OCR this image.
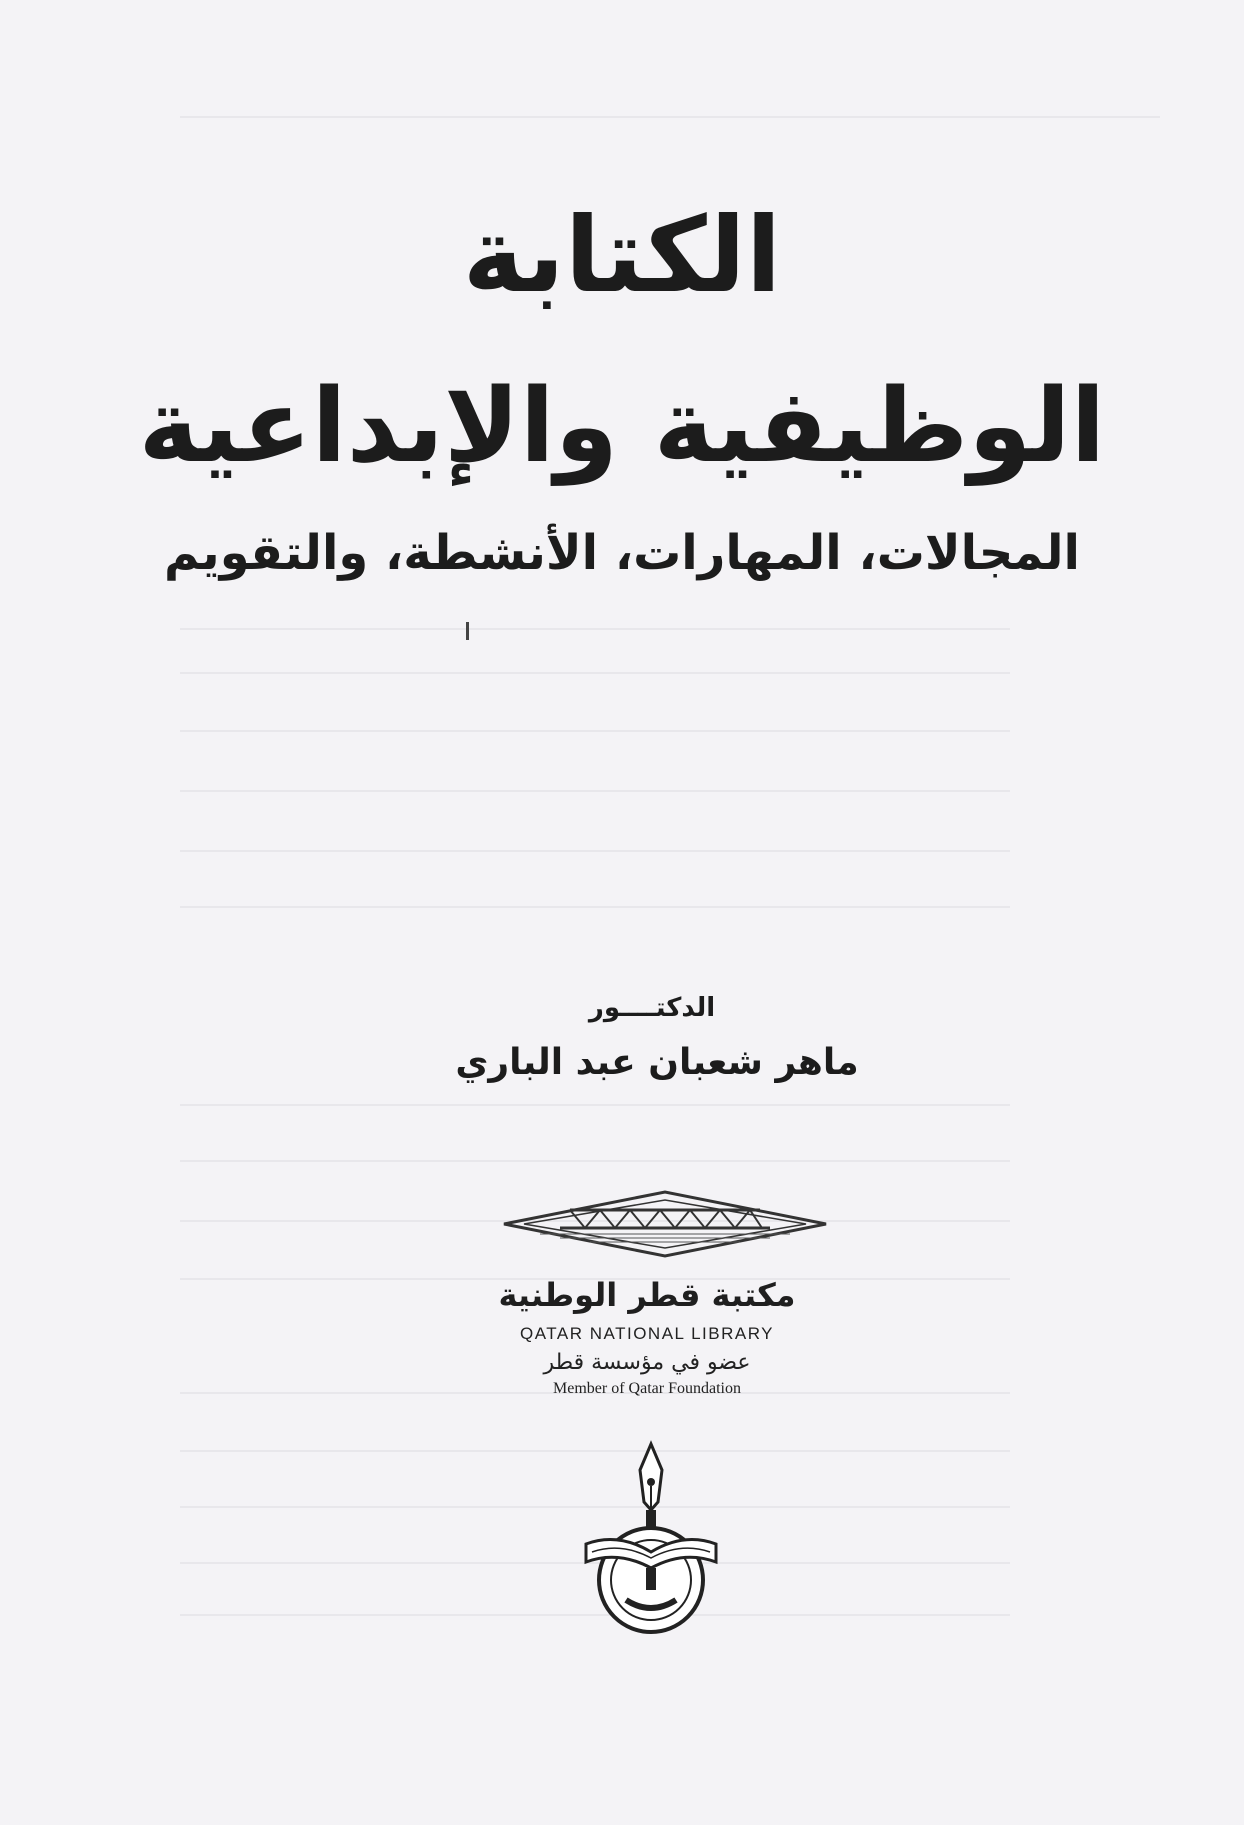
الكتابة
الوظيفية والإبداعية
المجالات، المهارات، الأنشطة، والتقويم
الدكتــــور
ماهر شعبان عبد الباري
مكتبة قطر الوطنية
QATAR NATIONAL LIBRARY
عضو في مؤسسة قطر
Member of Qatar Foundation
